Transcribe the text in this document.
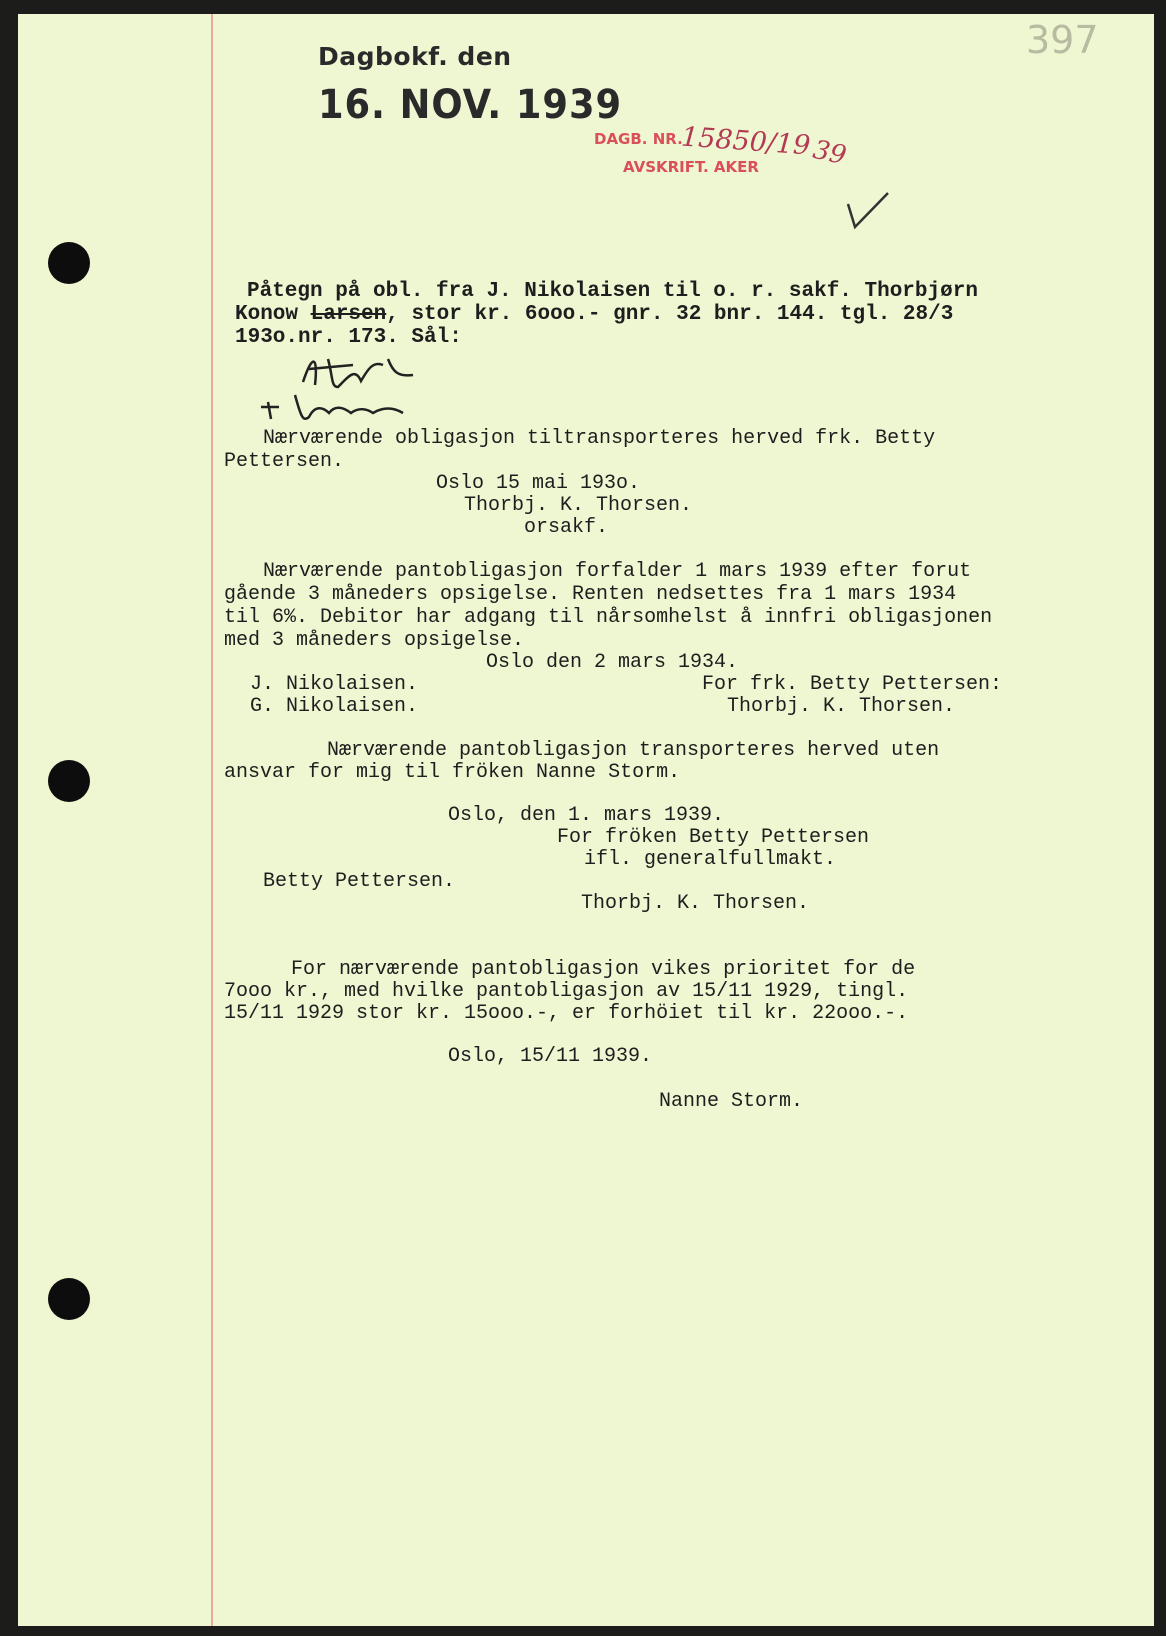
397
Dagbokf. den
16. NOV. 1939
DAGB. NR.
AVSKRIFT. AKER
15850/19
39
Påtegn på obl. fra J. Nikolaisen til o. r. sakf. Thorbjørn
Konow Larsen, stor kr. 6ooo.- gnr. 32 bnr. 144. tgl. 28/3
193o.nr. 173. Sål:
Nærværende obligasjon tiltransporteres herved frk. Betty
Pettersen.
Oslo 15 mai 193o.
Thorbj. K. Thorsen.
orsakf.
Nærværende pantobligasjon forfalder 1 mars 1939 efter forut
gående 3 måneders opsigelse. Renten nedsettes fra 1 mars 1934
til 6%. Debitor har adgang til nårsomhelst å innfri obligasjonen
med 3 måneders opsigelse.
Oslo den 2 mars 1934.
J. Nikolaisen.	For frk. Betty Pettersen:
G. Nikolaisen.	Thorbj. K. Thorsen.
Nærværende pantobligasjon transporteres herved uten
ansvar for mig til fröken Nanne Storm.
Oslo, den 1. mars 1939.
For fröken Betty Pettersen
ifl. generalfullmakt.
Betty Pettersen.
Thorbj. K. Thorsen.
For nærværende pantobligasjon vikes prioritet for de
7ooo kr., med hvilke pantobligasjon av 15/11 1929, tingl.
15/11 1929 stor kr. 15ooo.-, er forhöiet til kr. 22ooo.-.
Oslo, 15/11 1939.
Nanne Storm.
